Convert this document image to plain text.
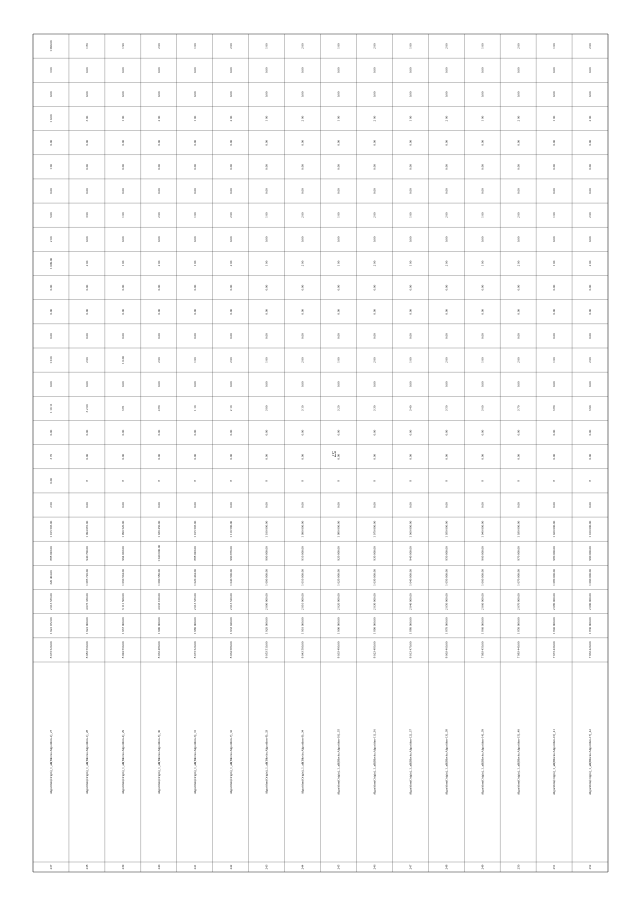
237
Algorithm(Origin)_1_all(Blocks:Algorithm-2)_27
8 073 520.00
1 922 072.00
2 013 536.00
320 404.00
888 093.00
1 105 505.00
2 00
0.00
3 70
0.00
1 10 11
0.00
1 010
0.00
0.00
0.00
1 009.00
2 00
5.00
0.00
1 00
0.00
1 0.00
0.00
3 00
1 090.00
238
Algorithm(Origin)_1_all(Blocks:Algorithm-1)_28
8 083 560.00
1 922 000.00
4 073 330.00
1 085 720.00
940 700.00
1 094 081.00
0.00
8
0.00
0.00
3 2 00
0.00
2 00
0.00
0.00
0.00
2 00
0.00
3 00
0.00
0.00
0.00
3 00
0.00
0.00
1 80
239
Algorithm(Origin)_1_all(Blocks:Algorithm-4)_29
8 094 560.00
1 967 000.00
6 111 500.00
1 060 504.00
994 003.00
1 990 520.00
0.00
8
0.00
0.00
3 81
0.00
1 0.00
0.00
0.00
0.00
1 00
0.00
1 00
0.00
0.00
0.00
1 00
0.00
0.00
1 90
240
Algorithm(Origin)_1_all(Blocks:Algorithm-5)_30
8 063 480.00
1 990 000.00
4 033 100.00
1 090 580.00
1 040 000.00
1 030 450.00
0.00
8
0.00
0.00
4 80
0.00
2 00
0.00
0.00
0.00
2 00
0.00
2 00
0.00
0.00
0.00
2 00
0.00
0.00
2 00
241
Algorithm(Origin)_1_all(Blocks:Algorithm-6)_31
8 073 520.00
1 980 000.00
2 013 536.00
1 020 404.00
888 093.00
1 105 505.00
0.00
8
0.00
0.00
1 10
0.00
1 00
0.00
0.00
0.00
1 00
0.00
1 00
0.00
0.00
0.00
1 00
0.00
0.00
1 00
242
Algorithm(Origin)_1_all(Blocks:Algorithm-7)_32
8 064 680.00
1 933 040.00
2 013 520.00
1 040 500.00
990 870.00
1 110 590.00
0.00
8
0.00
0.00
2 10
0.00
2 00
0.00
0.00
0.00
2 00
0.00
2 00
0.00
0.00
0.00
2 00
0.00
0.00
2 00
243
Algorithm(Origin)_1_all(Blocks:Algorithm-8)_33
8 053 510.00
1 920 000.00
2 000 000.00
1 000 000.00
900 000.00
1 100 000.00
0.00
8
0.00
0.00
3 00
0.00
1 00
0.00
0.00
0.00
1 00
0.00
1 00
0.00
0.00
0.00
1 00
0.00
0.00
1 00
244
Algorithm(Origin)_1_all(Blocks:Algorithm-9)_34
8 043 500.00
1 910 000.00
2 010 000.00
1 010 000.00
910 000.00
1 090 000.00
0.00
8
0.00
0.00
3 10
0.00
2 00
0.00
0.00
0.00
2 00
0.00
2 00
0.00
0.00
0.00
2 00
0.00
0.00
2 00
245
Algorithm(Origin)_1_all(Blocks:Algorithm-10)_35
8 033 490.00
1 900 000.00
2 020 000.00
1 020 000.00
920 000.00
1 080 000.00
0.00
8
0.00
0.00
3 20
0.00
1 00
0.00
0.00
0.00
1 00
0.00
1 00
0.00
0.00
0.00
1 00
0.00
0.00
1 00
246
Algorithm(Origin)_1_all(Blocks:Algorithm-11)_36
8 023 480.00
1 890 000.00
2 030 000.00
1 030 000.00
930 000.00
1 070 000.00
0.00
8
0.00
0.00
3 30
0.00
2 00
0.00
0.00
0.00
2 00
0.00
2 00
0.00
0.00
0.00
2 00
0.00
0.00
2 00
247
Algorithm(Origin)_1_all(Blocks:Algorithm-12)_37
8 013 470.00
1 880 000.00
2 040 000.00
1 040 000.00
940 000.00
1 060 000.00
0.00
8
0.00
0.00
3 40
0.00
1 00
0.00
0.00
0.00
1 00
0.00
1 00
0.00
0.00
0.00
1 00
0.00
0.00
1 00
248
Algorithm(Origin)_1_all(Blocks:Algorithm-13)_38
8 003 460.00
1 870 000.00
2 050 000.00
1 050 000.00
950 000.00
1 050 000.00
0.00
8
0.00
0.00
3 50
0.00
2 00
0.00
0.00
0.00
2 00
0.00
2 00
0.00
0.00
0.00
2 00
0.00
0.00
2 00
249
Algorithm(Origin)_1_all(Blocks:Algorithm-14)_39
7 993 450.00
1 860 000.00
2 060 000.00
1 060 000.00
960 000.00
1 040 000.00
0.00
8
0.00
0.00
3 60
0.00
1 00
0.00
0.00
0.00
1 00
0.00
1 00
0.00
0.00
0.00
1 00
0.00
0.00
1 00
250
Algorithm(Origin)_1_all(Blocks:Algorithm-15)_40
7 983 440.00
1 850 000.00
2 070 000.00
1 070 000.00
970 000.00
1 030 000.00
0.00
8
0.00
0.00
3 70
0.00
2 00
0.00
0.00
0.00
2 00
0.00
2 00
0.00
0.00
0.00
2 00
0.00
0.00
2 00
251
Algorithm(Origin)_1_all(Blocks:Algorithm-16)_41
7 973 430.00
1 840 000.00
2 080 000.00
1 080 000.00
980 000.00
1 020 000.00
0.00
8
0.00
0.00
3 80
0.00
1 00
0.00
0.00
0.00
1 00
0.00
1 00
0.00
0.00
0.00
1 00
0.00
0.00
1 00
252
Algorithm(Origin)_1_all(Blocks:Algorithm-17)_42
7 963 420.00
1 830 000.00
2 090 000.00
1 090 000.00
990 000.00
1 010 000.00
0.00
8
0.00
0.00
3 90
0.00
2 00
0.00
0.00
0.00
2 00
0.00
2 00
0.00
0.00
0.00
2 00
0.00
0.00
2 00
57
